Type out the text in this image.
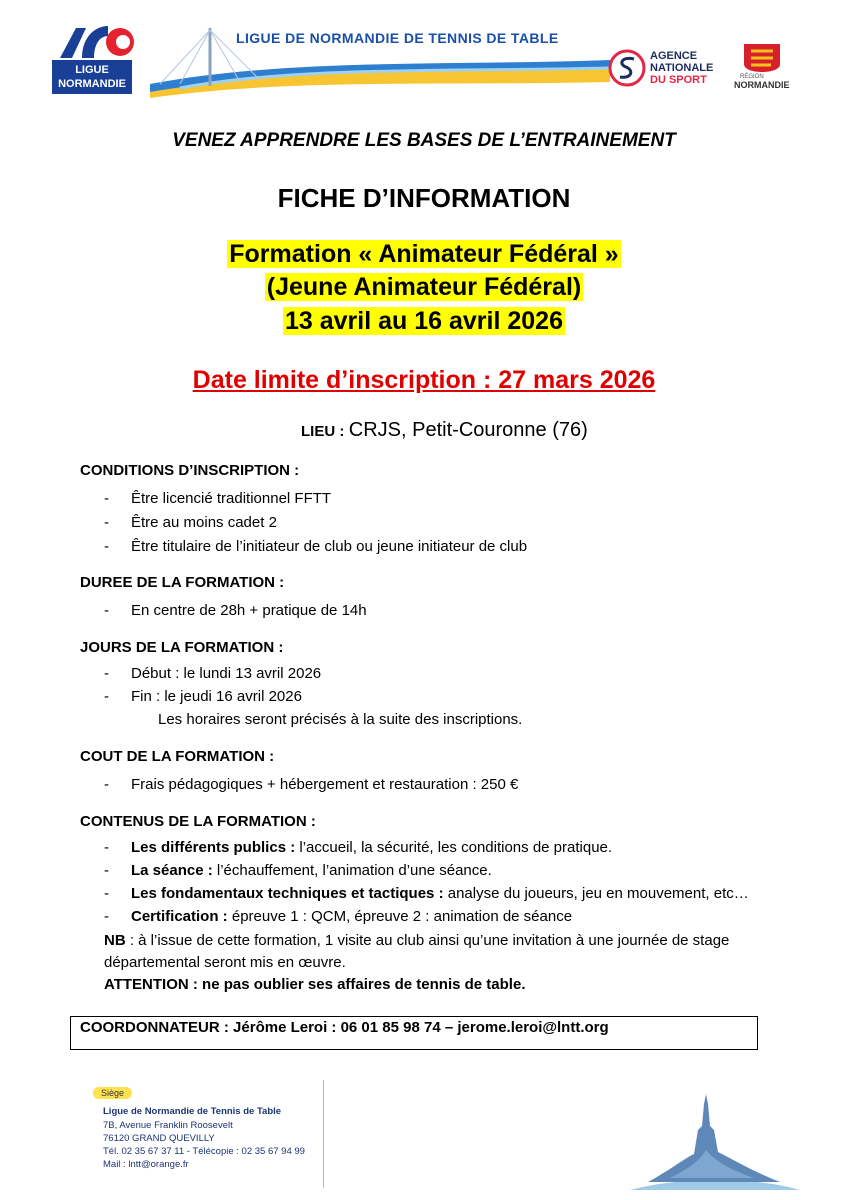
LIGUE NORMANDIE
LIGUE DE NORMANDIE DE TENNIS DE TABLE
AGENCE
NATIONALE
DU SPORT	RÉGION
NORMANDIE
VENEZ APPRENDRE LES BASES DE L’ENTRAINEMENT
FICHE D’INFORMATION
Formation « Animateur Fédéral »
(Jeune Animateur Fédéral)
13 avril au 16 avril 2026
Date limite d’inscription : 27 mars 2026
LIEU : CRJS, Petit-Couronne (76)
CONDITIONS D’INSCRIPTION :
- Être licencié traditionnel FFTT
- Être au moins cadet 2
- Être titulaire de l’initiateur de club ou jeune initiateur de club
DUREE DE LA FORMATION :
- En centre de 28h + pratique de 14h
JOURS DE LA FORMATION :
- Début : le lundi 13 avril 2026
- Fin : le jeudi 16 avril 2026
Les horaires seront précisés à la suite des inscriptions.
COUT DE LA FORMATION :
- Frais pédagogiques + hébergement et restauration : 250 €
CONTENUS DE LA FORMATION :
- Les différents publics : l’accueil, la sécurité, les conditions de pratique.
- La séance : l’échauffement, l’animation d’une séance.
- Les fondamentaux techniques et tactiques : analyse du joueurs, jeu en mouvement, etc…
- Certification : épreuve 1 : QCM, épreuve 2 : animation de séance
NB : à l’issue de cette formation, 1 visite au club ainsi qu’une invitation à une journée de stage
départemental seront mis en œuvre.
ATTENTION : ne pas oublier ses affaires de tennis de table.
COORDONNATEUR : Jérôme Leroi : 06 01 85 98 74 – jerome.leroi@lntt.org
Siège
Ligue de Normandie de Tennis de Table
7B, Avenue Franklin Roosevelt
76120 GRAND QUEVILLY
Tél. 02 35 67 37 11 - Télécopie : 02 35 67 94 99
Mail : lntt@orange.fr
